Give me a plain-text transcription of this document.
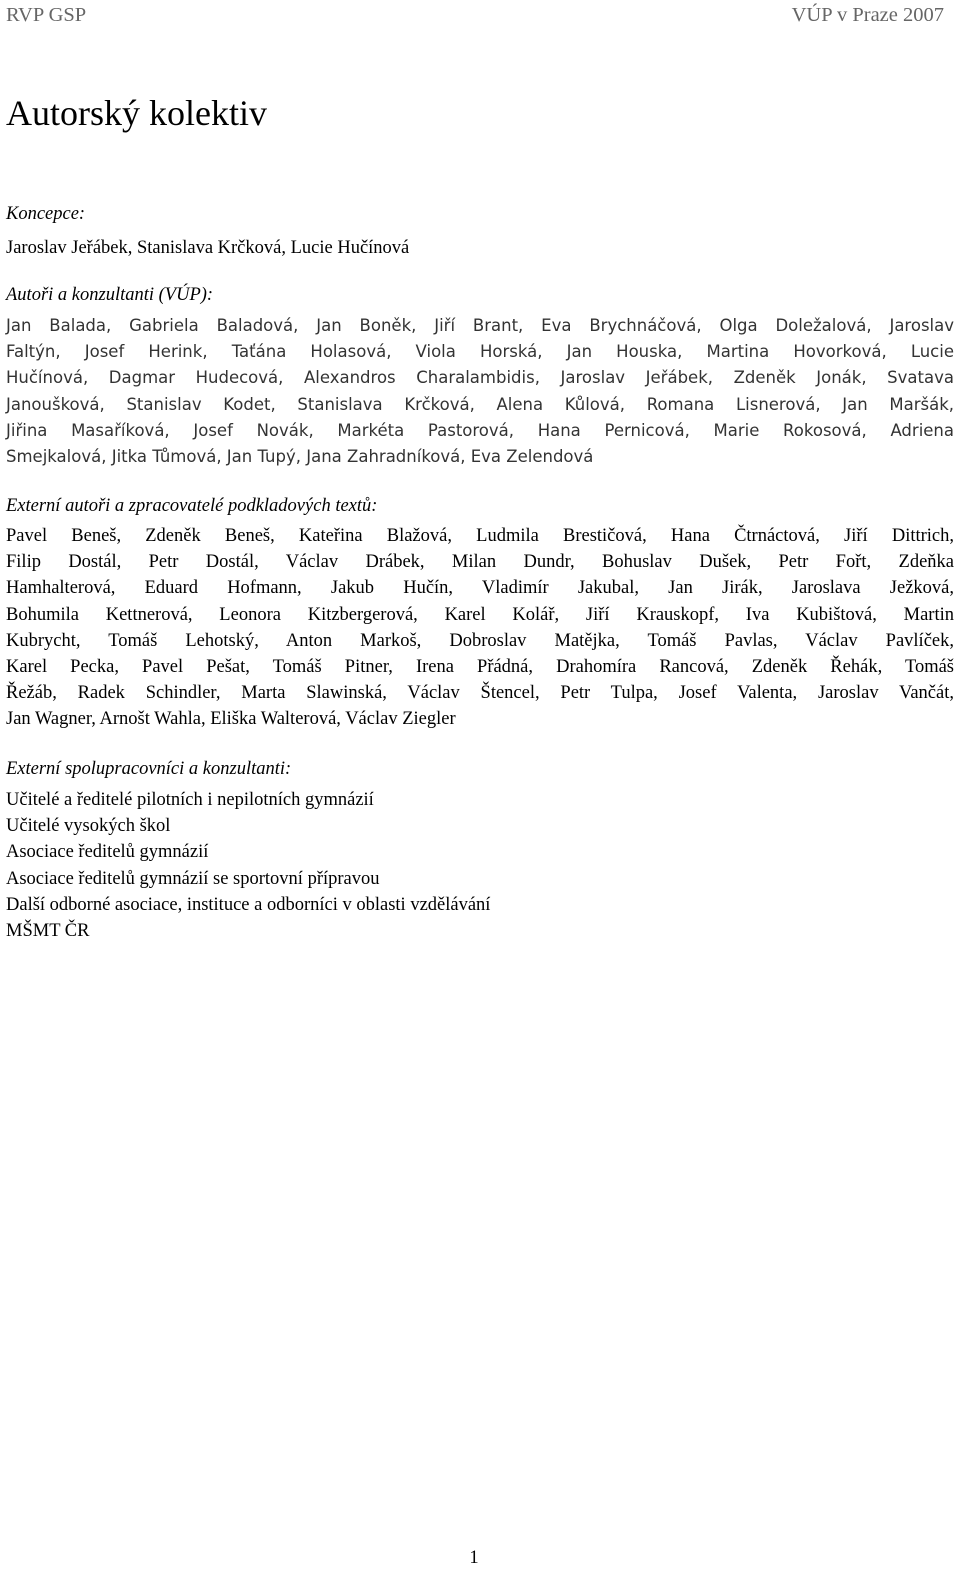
RVP GSP	VÚP v Praze 2007
Autorský kolektiv
Koncepce:
Jaroslav Jeřábek, Stanislava Krčková, Lucie Hučínová
Autoři a konzultanti (VÚP):
Jan Balada, Gabriela Baladová, Jan Boněk, Jiří Brant, Eva Brychnáčová, Olga Doležalová, Jaroslav
Faltýn, Josef Herink, Taťána Holasová, Viola Horská, Jan Houska, Martina Hovorková, Lucie
Hučínová, Dagmar Hudecová, Alexandros Charalambidis, Jaroslav Jeřábek, Zdeněk Jonák, Svatava
Janoušková, Stanislav Kodet, Stanislava Krčková, Alena Kůlová, Romana Lisnerová, Jan Maršák,
Jiřina Masaříková, Josef Novák, Markéta Pastorová, Hana Pernicová, Marie Rokosová, Adriena
Smejkalová, Jitka Tůmová, Jan Tupý, Jana Zahradníková, Eva Zelendová
Externí autoři a zpracovatelé podkladových textů:
Pavel Beneš, Zdeněk Beneš, Kateřina Blažová, Ludmila Brestičová, Hana Čtrnáctová, Jiří Dittrich,
Filip Dostál, Petr Dostál, Václav Drábek, Milan Dundr, Bohuslav Dušek, Petr Fořt, Zdeňka
Hamhalterová, Eduard Hofmann, Jakub Hučín, Vladimír Jakubal, Jan Jirák, Jaroslava Ježková,
Bohumila Kettnerová, Leonora Kitzbergerová, Karel Kolář, Jiří Krauskopf, Iva Kubištová, Martin
Kubrycht, Tomáš Lehotský, Anton Markoš, Dobroslav Matějka, Tomáš Pavlas, Václav Pavlíček,
Karel Pecka, Pavel Pešat, Tomáš Pitner, Irena Přádná, Drahomíra Rancová, Zdeněk Řehák, Tomáš
Řežáb, Radek Schindler, Marta Slawinská, Václav Štencel, Petr Tulpa, Josef Valenta, Jaroslav Vančát,
Jan Wagner, Arnošt Wahla, Eliška Walterová, Václav Ziegler
Externí spolupracovníci a konzultanti:
Učitelé a ředitelé pilotních i nepilotních gymnázií
Učitelé vysokých škol
Asociace ředitelů gymnázií
Asociace ředitelů gymnázií se sportovní přípravou
Další odborné asociace, instituce a odborníci v oblasti vzdělávání
MŠMT ČR
1
